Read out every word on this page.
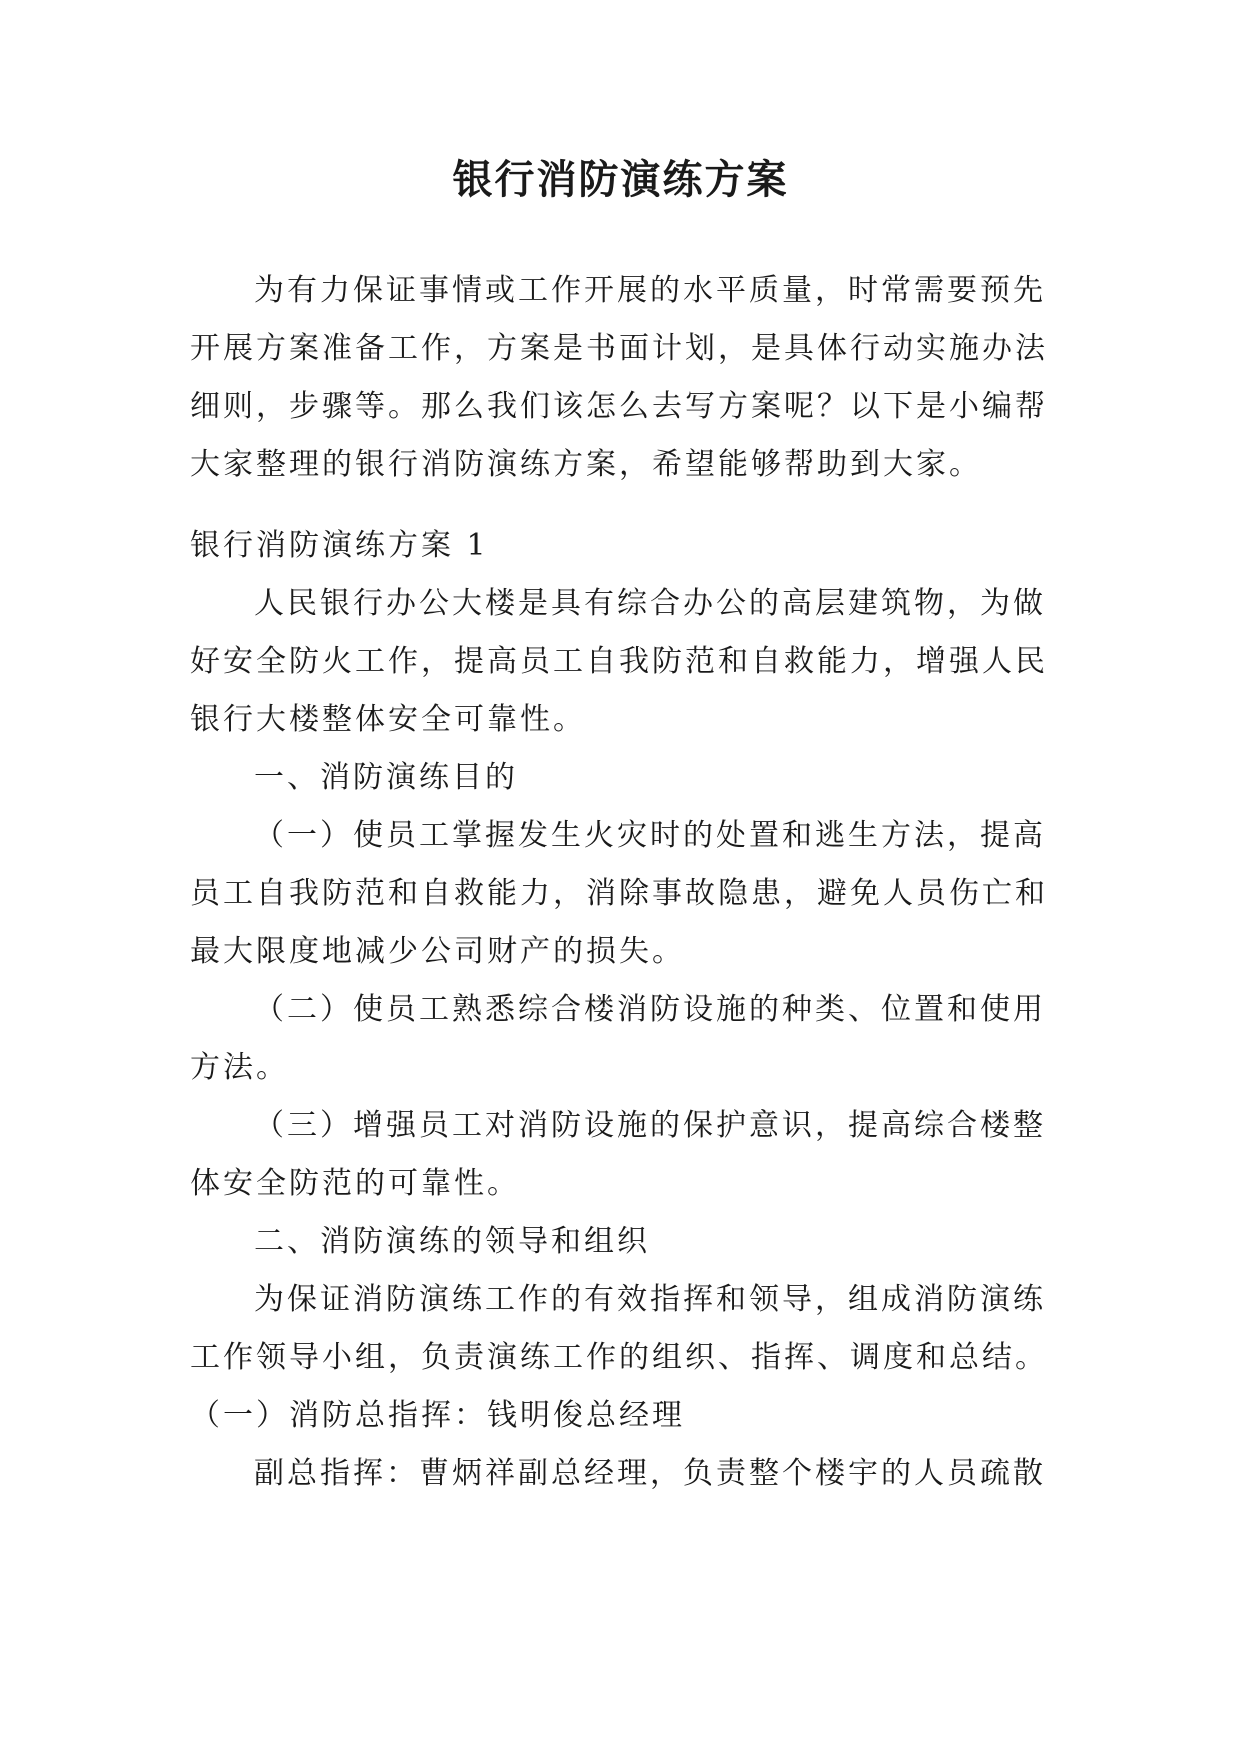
银行消防演练方案

为有力保证事情或工作开展的水平质量，时常需要预先开展方案准备工作，方案是书面计划，是具体行动实施办法细则，步骤等。那么我们该怎么去写方案呢？以下是小编帮大家整理的银行消防演练方案，希望能够帮助到大家。

银行消防演练方案 1

人民银行办公大楼是具有综合办公的高层建筑物，为做好安全防火工作，提高员工自我防范和自救能力，增强人民银行大楼整体安全可靠性。

一、消防演练目的

（一）使员工掌握发生火灾时的处置和逃生方法，提高员工自我防范和自救能力，消除事故隐患，避免人员伤亡和最大限度地减少公司财产的损失。

（二）使员工熟悉综合楼消防设施的种类、位置和使用方法。

（三）增强员工对消防设施的保护意识，提高综合楼整体安全防范的可靠性。

二、消防演练的领导和组织

为保证消防演练工作的有效指挥和领导，组成消防演练工作领导小组，负责演练工作的组织、指挥、调度和总结。

（一）消防总指挥：钱明俊总经理

副总指挥：曹炳祥副总经理，负责整个楼宇的人员疏散
